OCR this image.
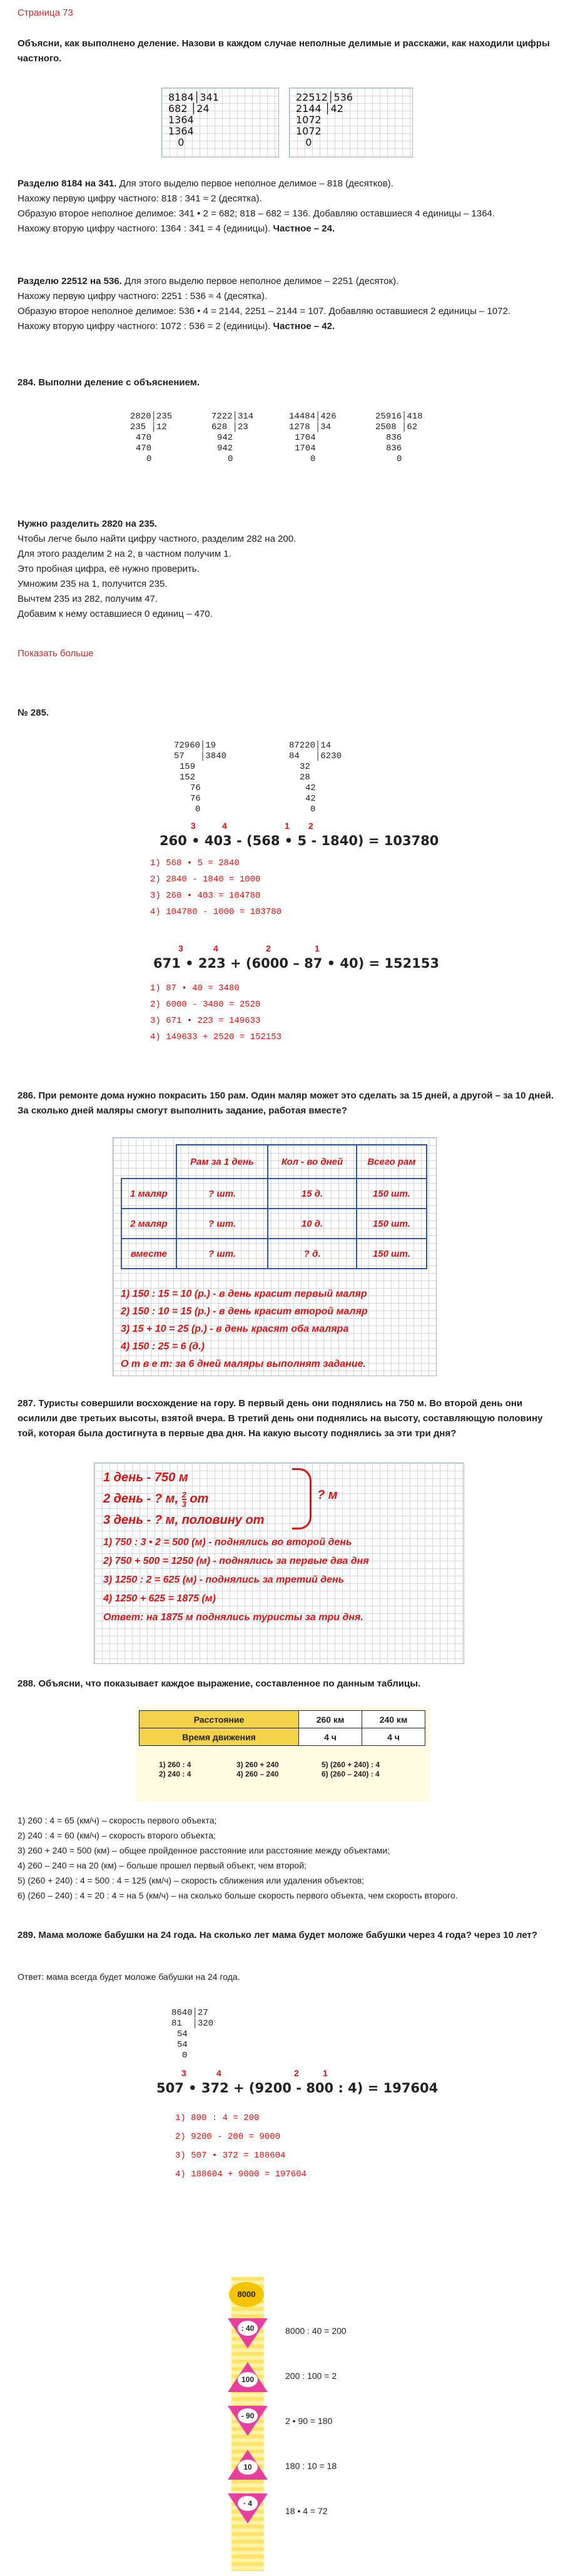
Страница 73

Объясни, как выполнено деление. Назови в каждом случае неполные делимые и расскажи, как находили цифры частного.

8184│341
682 │24
1364
1364
0
22512│536
2144 │42
1072
1072
0

Разделю 8184 на 341. Для этого выделю первое неполное делимое – 818 (десятков).

Нахожу первую цифру частного: 818 : 341 ≈ 2 (десятка).

Образую второе неполное делимое: 341 • 2 = 682; 818 – 682 = 136. Добавляю оставшиеся 4 единицы – 1364.

Нахожу вторую цифру частного: 1364 : 341 = 4 (единицы). Частное – 24.

Разделю 22512 на 536. Для этого выделю первое неполное делимое – 2251 (десяток).

Нахожу первую цифру частного: 2251 : 536 ≈ 4 (десятка).

Образую второе неполное делимое: 536 • 4 = 2144, 2251 – 2144 = 107. Добавляю оставшиеся 2 единицы – 1072.

Нахожу вторую цифру частного: 1072 : 536 = 2 (единицы). Частное – 42.

284. Выполни деление с объяснением.

2820│235
235 │12
470
470
0
7222│314
628 │23
942
942
0
14484│426
1278 │34
1704
1704
0
25916│418
2508 │62
836
836
0

Нужно разделить 2820 на 235.

Чтобы легче было найти цифру частного, разделим 282 на 200.

Для этого разделим 2 на 2, в частном получим 1.

Это пробная цифра, её нужно проверить.

Умножим 235 на 1, получится 235.

Вычтем 235 из 282, получим 47.

Добавим к нему оставшиеся 0 единиц – 470.

Показать больше

№ 285.

72960│19
57   │3840
159
152
76
76
0
87220│14
84   │6230
32
28
42
42
0
3	4	1 2
260 • 403 - (568 • 5 - 1840) = 103780
1) 568 • 5 = 2840
2) 2840 - 1840 = 1000
3) 260 • 403 = 104780
4) 104780 - 1000 = 103780
3	4	2	1
671 • 223 + (6000 – 87 • 40) = 152153
1) 87 • 40 = 3480
2) 6000 - 3480 = 2520
3) 671 • 223 = 149633
4) 149633 + 2520 = 152153

286. При ремонте дома нужно покрасить 150 рам. Один маляр может это сделать за 15 дней, а другой – за 10 дней. За сколько дней маляры смогут выполнить задание, работая вместе?

	Рам за 1 день	Кол - во дней	Всего рам
1 маляр	? шт.	15 д.	150 шт.
2 маляр	? шт.	10 д.	150 шт.
вместе	? шт.	? д.	150 шт.
1) 150 : 15 = 10 (р.) - в день красит первый маляр
2) 150 : 10 = 15 (р.) - в день красит второй маляр
3) 15 + 10 = 25 (р.) - в день красят оба маляра
4) 150 : 25 = 6 (д.)
О т в е т: за 6 дней маляры выполнят задание.

287. Туристы совершили восхождение на гору. В первый день они поднялись на 750 м. Во второй день они осилили две третьих высоты, взятой вчера. В третий день они поднялись на высоту, составляющую половину той, которая была достигнута в первые два дня. На какую высоту поднялись за эти три дня?

1 день - 750 м
2 день - ? м, $\frac{2}{3}$ от
3 день - ? м, половину от
? м
1) 750 : 3 • 2 = 500 (м) - поднялись во второй день
2) 750 + 500 = 1250 (м) - поднялись за первые два дня
3) 1250 : 2 = 625 (м) - поднялись за третий день
4) 1250 + 625 = 1875 (м)
Ответ: на 1875 м поднялись туристы за три дня.

288. Объясни, что показывает каждое выражение, составленное по данным таблицы.

Расстояние	260 км	240 км
Время движения	4 ч	4 ч
1) 260 : 4
2) 240 : 4
3) 260 + 240
4) 260 – 240
5) (260 + 240) : 4
6) (260 – 240) : 4

1) 260 : 4 = 65 (км/ч) – скорость первого объекта;

2) 240 : 4 = 60 (км/ч) – скорость второго объекта;

3) 260 + 240 = 500 (км) – общее пройденное расстояние или расстояние между объектами;

4) 260 – 240 = на 20 (км) – больше прошел первый объект, чем второй;

5) (260 + 240) : 4 = 500 : 4 = 125 (км/ч) – скорость сближения или удаления объектов;

6) (260 – 240) : 4 = 20 : 4 = на 5 (км/ч) – на сколько больше скорость первого объекта, чем скорость второго.

289. Мама моложе бабушки на 24 года. На сколько лет мама будет моложе бабушки через 4 года? через 10 лет?

Ответ: мама всегда будет моложе бабушки на 24 года.

8640│27
81  │320
54
54
0
3	4	2	1
507 • 372 + (9200 - 800 : 4) = 197604
1) 800 : 4 = 200
2) 9200 - 200 = 9000
3) 507 • 372 = 188604
4) 188604 + 9000 = 197604
8000
: 40
100
- 90
10
· 4
8000 : 40 = 200
200 : 100 = 2
2 • 90 = 180
180 : 10 = 18
18 • 4 = 72
